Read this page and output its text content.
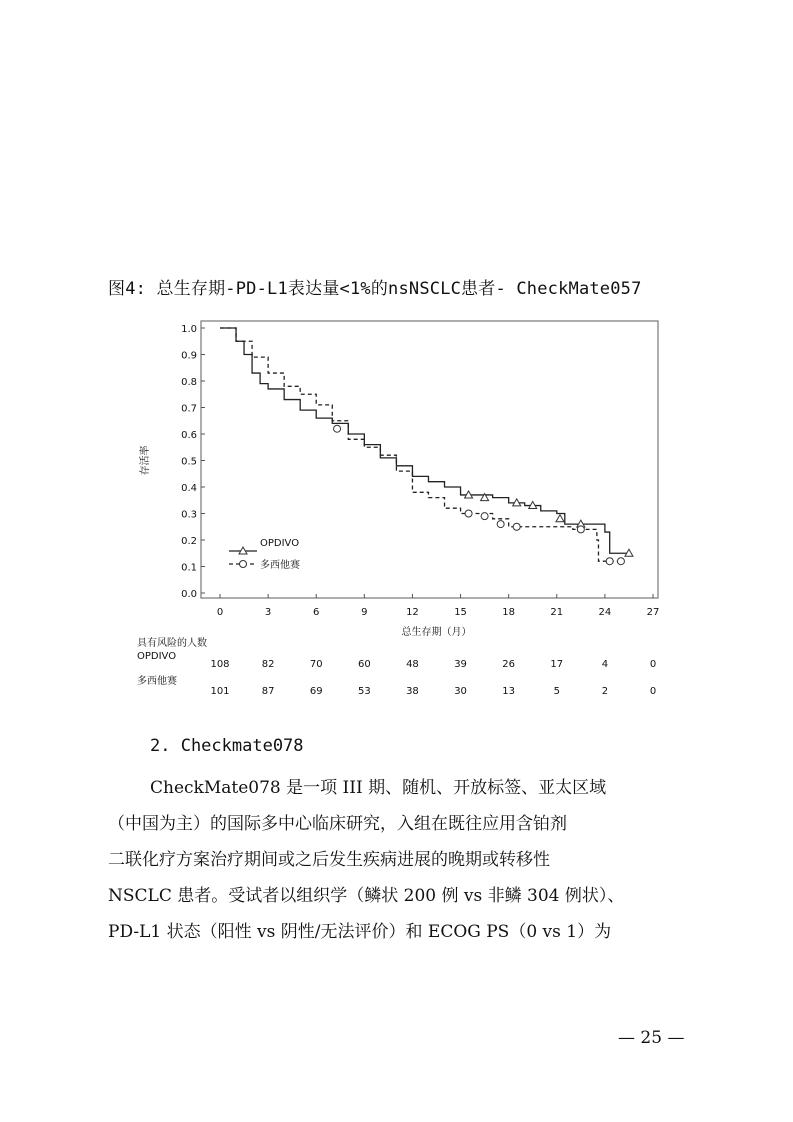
图4: 总生存期-PD-L1表达量<1%的nsNSCLC患者- CheckMate057
0.0
0.1
0.2
0.3
0.4
0.5
0.6
0.7
0.8
0.9
1.0
0	3	6	9	12	15	18	21	24	27
总生存期（月）
存活率
OPDIVO
多西他赛
具有风险的人数
OPDIVO
108	82	70	60	48	39	26	17	4	0
多西他赛
101	87	69	53	38	30	13	5	2	0
2. Checkmate078

CheckMate078 是一项 III 期、随机、开放标签、亚太区域

（中国为主）的国际多中心临床研究，入组在既往应用含铂剂

二联化疗方案治疗期间或之后发生疾病进展的晚期或转移性

NSCLC 患者。受试者以组织学（鳞状 200 例 vs 非鳞 304 例状）、

PD-L1 状态（阳性 vs 阴性/无法评价）和 ECOG PS（0 vs 1）为

— 25 —
